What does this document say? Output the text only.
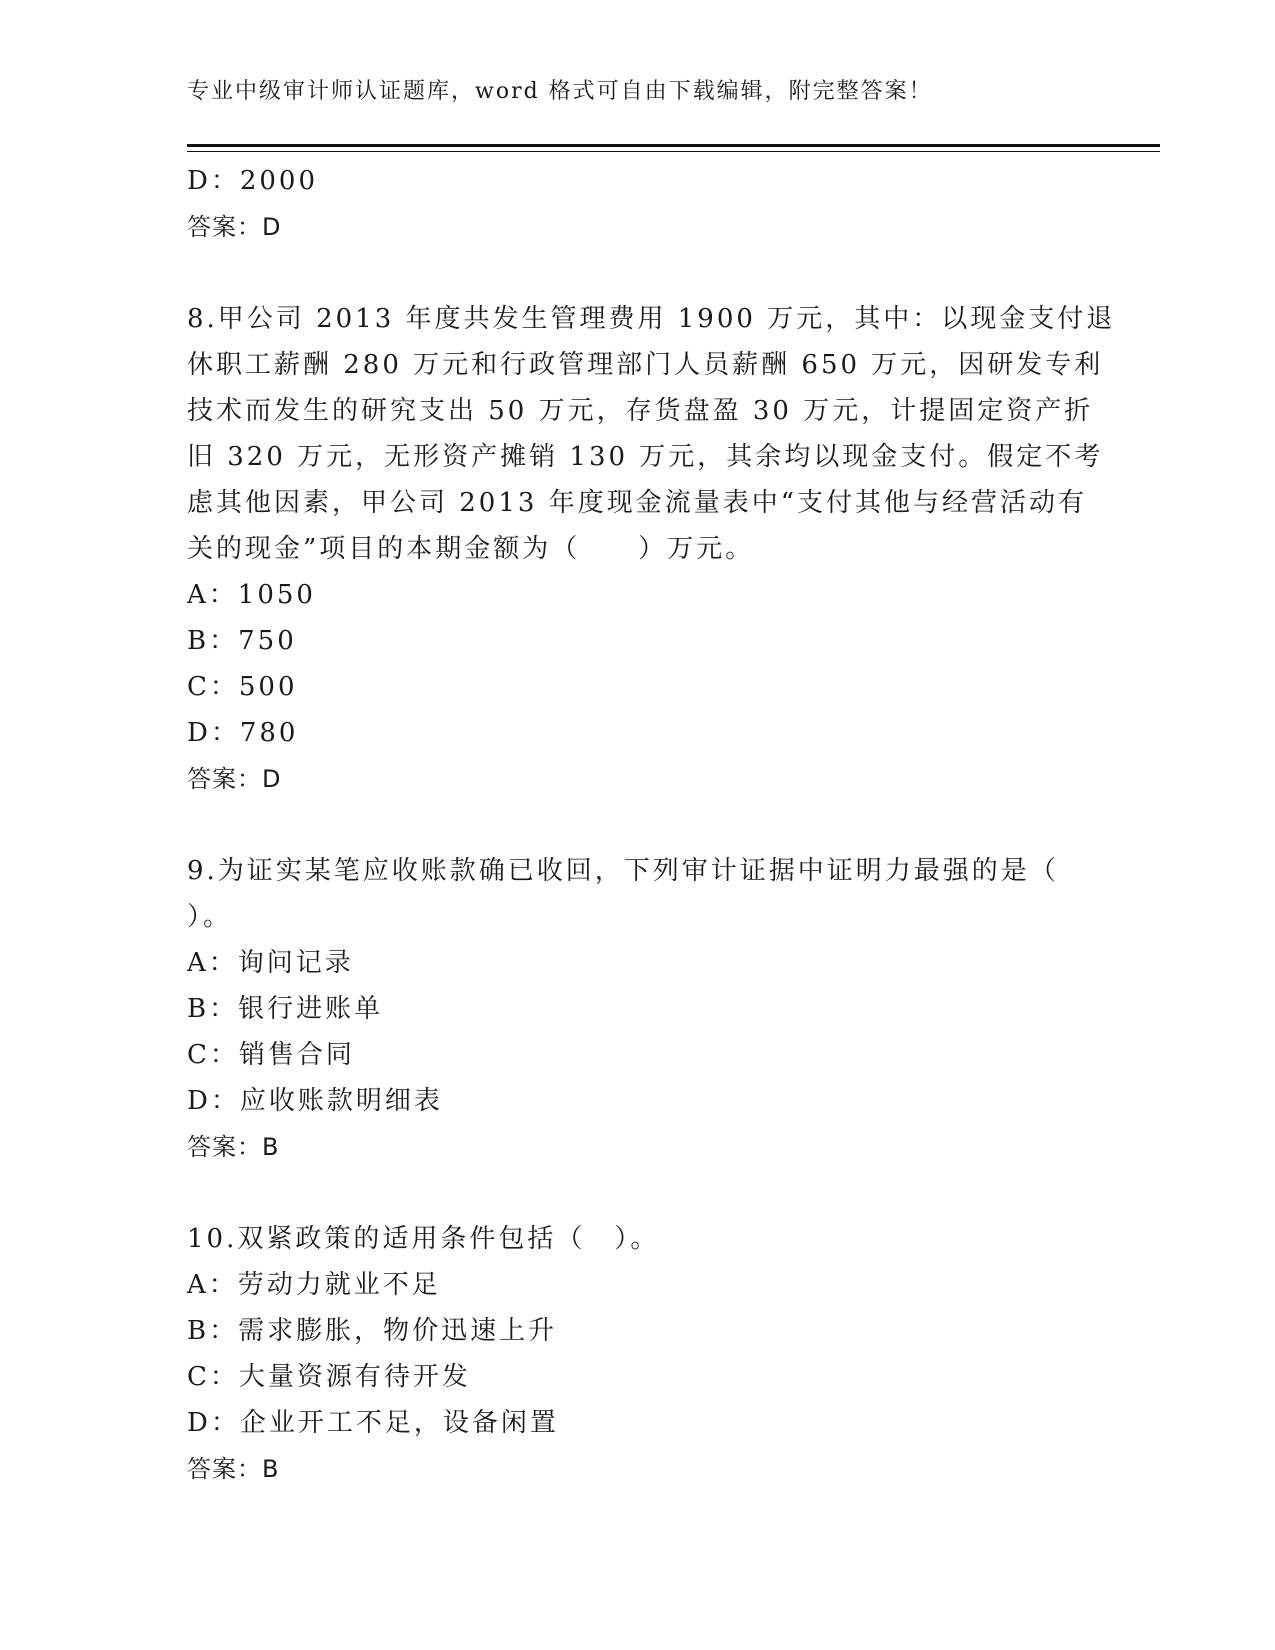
专业中级审计师认证题库，word 格式可自由下载编辑，附完整答案！
D：2000
答案：D
8.甲公司 2013 年度共发生管理费用 1900 万元，其中：以现金支付退
休职工薪酬 280 万元和行政管理部门人员薪酬 650 万元，因研发专利
技术而发生的研究支出 50 万元，存货盘盈 30 万元，计提固定资产折
旧 320 万元，无形资产摊销 130 万元，其余均以现金支付。假定不考
虑其他因素，甲公司 2013 年度现金流量表中“支付其他与经营活动有
关的现金”项目的本期金额为（　　）万元。
A：1050
B：750
C：500
D：780
答案：D
9.为证实某笔应收账款确已收回，下列审计证据中证明力最强的是（
）。
A：询问记录
B：银行进账单
C：销售合同
D：应收账款明细表
答案：B
10.双紧政策的适用条件包括（　）。
A：劳动力就业不足
B：需求膨胀，物价迅速上升
C：大量资源有待开发
D：企业开工不足，设备闲置
答案：B
